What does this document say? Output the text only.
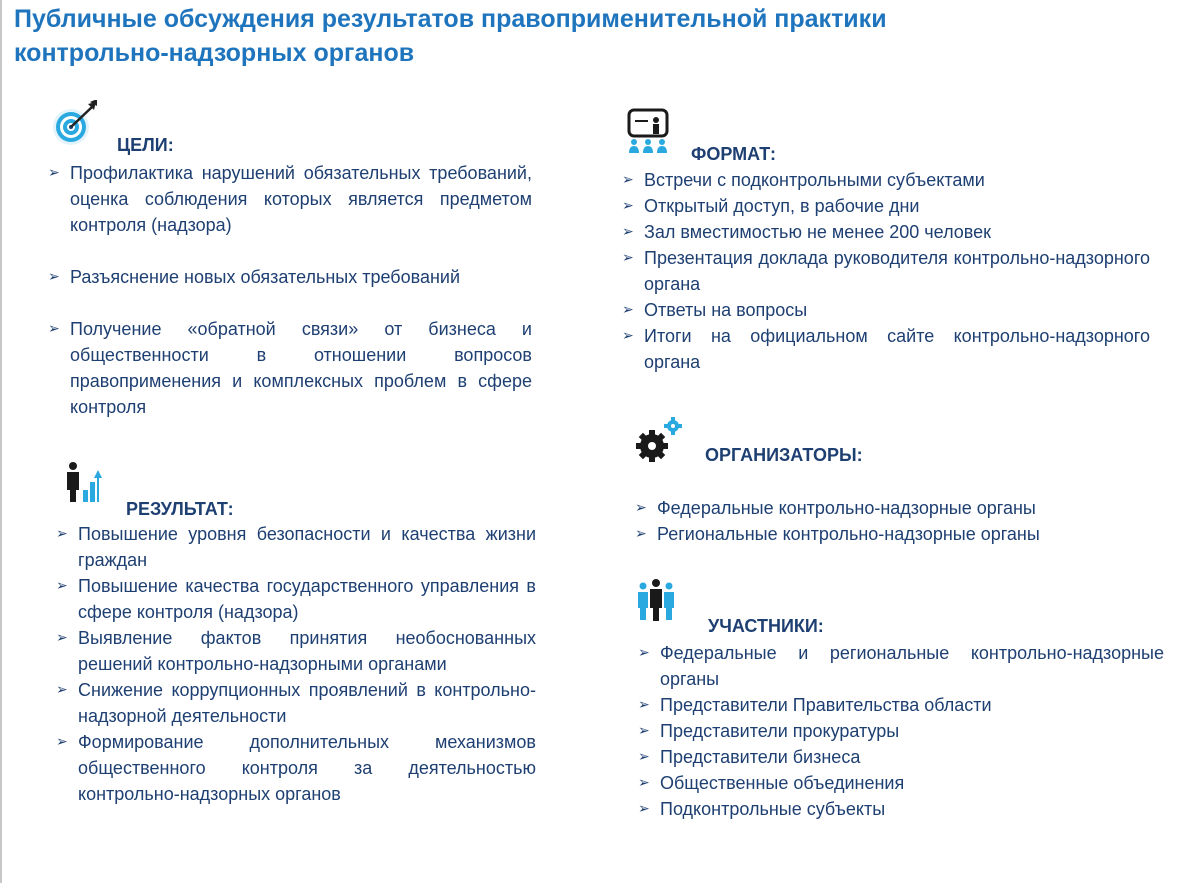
Публичные обсуждения результатов правоприменительной практики
контрольно-надзорных органов
ЦЕЛИ:
➢ Профилактика нарушений обязательных требований, оценка соблюдения которых является предметом контроля (надзора)
➢ Разъяснение новых обязательных требований
➢ Получение «обратной связи» от бизнеса и общественности в отношении вопросов правоприменения и комплексных проблем в сфере контроля
РЕЗУЛЬТАТ:
➢ Повышение уровня безопасности и качества жизни граждан
➢ Повышение качества государственного управления в сфере контроля (надзора)
➢ Выявление фактов принятия необоснованных решений контрольно-надзорными органами
➢ Снижение коррупционных проявлений в контрольно-надзорной деятельности
➢ Формирование дополнительных механизмов общественного контроля за деятельностью контрольно-надзорных органов
ФОРМАТ:
➢ Встречи с подконтрольными субъектами
➢ Открытый доступ, в рабочие дни
➢ Зал вместимостью не менее 200 человек
➢ Презентация доклада руководителя контрольно-надзорного органа
➢ Ответы на вопросы
➢ Итоги на официальном сайте контрольно-надзорного органа
ОРГАНИЗАТОРЫ:
➢ Федеральные контрольно-надзорные органы
➢ Региональные контрольно-надзорные органы
УЧАСТНИКИ:
➢ Федеральные и региональные контрольно-надзорные органы
➢ Представители Правительства области
➢ Представители прокуратуры
➢ Представители бизнеса
➢ Общественные объединения
➢ Подконтрольные субъекты
